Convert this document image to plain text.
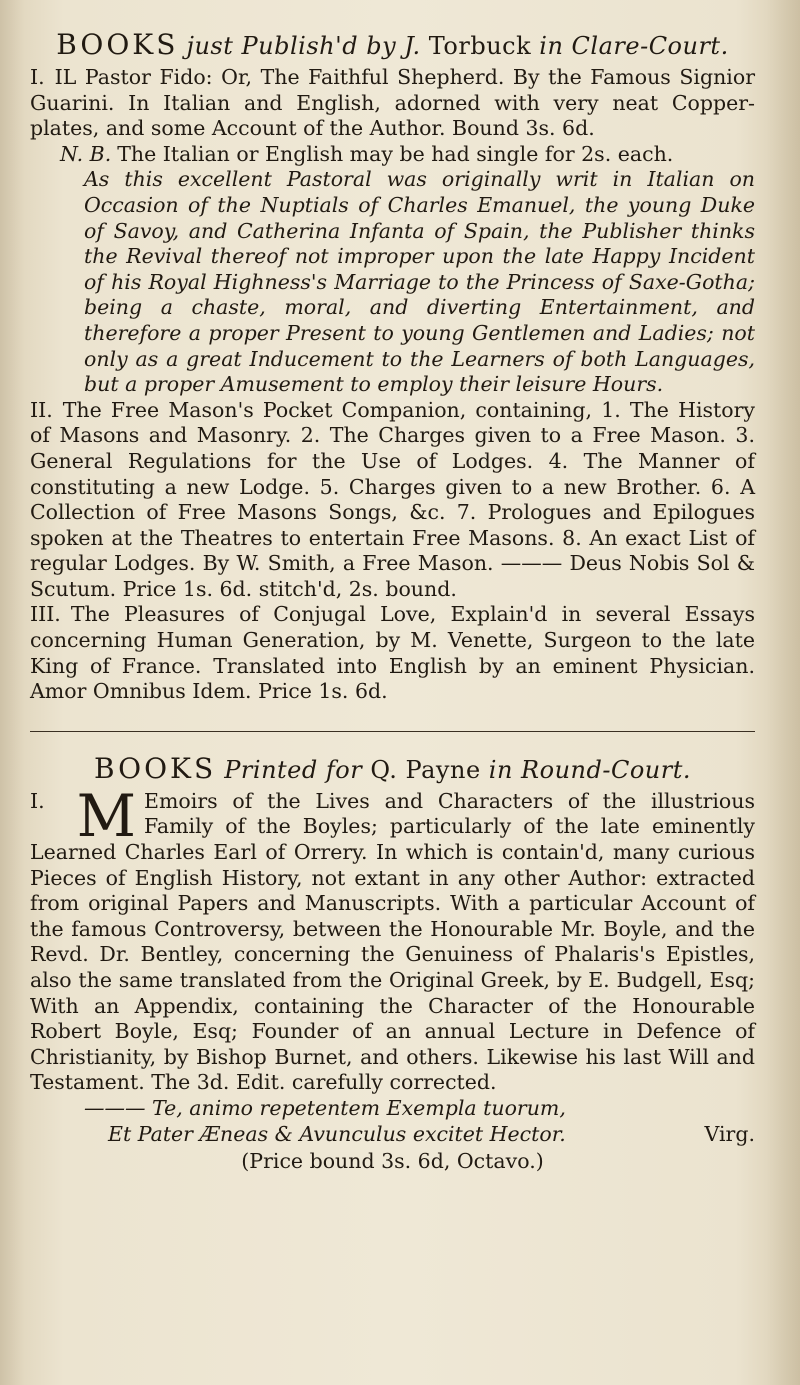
BOOKS just Publish'd by J. Torbuck in Clare-Court.

I. IL Pastor Fido: Or, The Faithful Shepherd. By the Famous Signior Guarini. In Italian and English, adorned with very neat Copper-plates, and some Account of the Author. Bound 3s. 6d.

N. B. The Italian or English may be had single for 2s. each.

As this excellent Pastoral was originally writ in Italian on Occasion of the Nuptials of Charles Emanuel, the young Duke of Savoy, and Catherina Infanta of Spain, the Publisher thinks the Revival thereof not improper upon the late Happy Incident of his Royal Highness's Marriage to the Princess of Saxe-Gotha; being a chaste, moral, and diverting Entertainment, and therefore a proper Present to young Gentlemen and Ladies; not only as a great Inducement to the Learners of both Languages, but a proper Amusement to employ their leisure Hours.

II. The Free Mason's Pocket Companion, containing, 1. The History of Masons and Masonry. 2. The Charges given to a Free Mason. 3. General Regulations for the Use of Lodges. 4. The Manner of constituting a new Lodge. 5. Charges given to a new Brother. 6. A Collection of Free Masons Songs, &c. 7. Prologues and Epilogues spoken at the Theatres to entertain Free Masons. 8. An exact List of regular Lodges. By W. Smith, a Free Mason. ——— Deus Nobis Sol & Scutum. Price 1s. 6d. stitch'd, 2s. bound.

III. The Pleasures of Conjugal Love, Explain'd in several Essays concerning Human Generation, by M. Venette, Surgeon to the late King of France. Translated into English by an eminent Physician. Amor Omnibus Idem. Price 1s. 6d.

BOOKS Printed for Q. Payne in Round-Court.

I. M Emoirs of the Lives and Characters of the illustrious Family of the Boyles; particularly of the late eminently Learned Charles Earl of Orrery. In which is contain'd, many curious Pieces of English History, not extant in any other Author: extracted from original Papers and Manuscripts. With a particular Account of the famous Controversy, between the Honourable Mr. Boyle, and the Revd. Dr. Bentley, concerning the Genuiness of Phalaris's Epistles, also the same translated from the Original Greek, by E. Budgell, Esq; With an Appendix, containing the Character of the Honourable Robert Boyle, Esq; Founder of an annual Lecture in Defence of Christianity, by Bishop Burnet, and others. Likewise his last Will and Testament. The 3d. Edit. carefully corrected.

——— Te, animo repetentem Exempla tuorum,

Et Pater Æneas & Avunculus excitet Hector.	Virg.

(Price bound 3s. 6d, Octavo.)
